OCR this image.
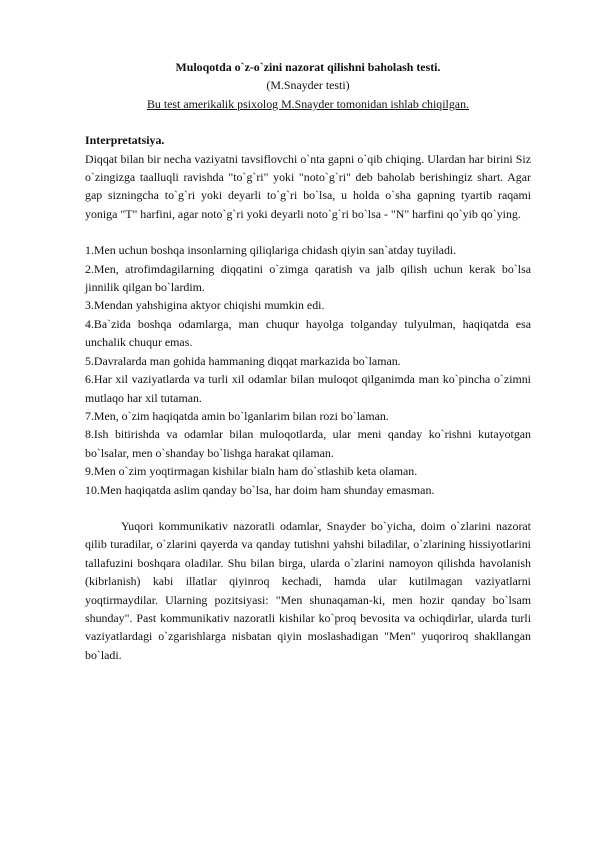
Muloqotda o`z-o`zini nazorat qilishni baholash testi.

(M.Snayder testi)

Bu test amerikalik psixolog M.Snayder tomonidan ishlab chiqilgan.

Interpretatsiya.

Diqqat bilan bir necha vaziyatni tavsiflovchi o`nta gapni o`qib chiqing. Ulardan har birini Siz o`zingizga taalluqli ravishda "to`g`ri" yoki "noto`g`ri" deb baholab berishingiz shart. Agar gap sizningcha to`g`ri yoki deyarli to`g`ri bo`lsa, u holda o`sha gapning tyartib raqami yoniga "T" harfini, agar noto`g`ri yoki deyarli noto`g`ri bo`lsa - "N" harfini qo`yib qo`ying.

1.Men uchun boshqa insonlarning qiliqlariga chidash qiyin san`atday tuyiladi.
2.Men, atrofimdagilarning diqqatini o`zimga qaratish va jalb qilish uchun kerak bo`lsa jinnilik qilgan bo`lardim.
3.Mendan yahshigina aktyor chiqishi mumkin edi.
4.Ba`zida boshqa odamlarga, man chuqur hayolga tolganday tulyulman, haqiqatda esa unchalik chuqur emas.
5.Davralarda man gohida hammaning diqqat markazida bo`laman.
6.Har xil vaziyatlarda va turli xil odamlar bilan muloqot qilganimda man ko`pincha o`zimni mutlaqo har xil tutaman.
7.Men, o`zim haqiqatda amin bo`lganlarim bilan rozi bo`laman.
8.Ish bitirishda va odamlar bilan muloqotlarda, ular meni qanday ko`rishni kutayotgan bo`lsalar, men o`shanday bo`lishga harakat qilaman.
9.Men o`zim yoqtirmagan kishilar bialn ham do`stlashib keta olaman.
10.Men haqiqatda aslim qanday bo`lsa, har doim ham shunday emasman.

Yuqori kommunikativ nazoratli odamlar, Snayder bo`yicha, doim o`zlarini nazorat qilib turadilar, o`zlarini qayerda va qanday tutishni yahshi biladilar, o`zlarining hissiyotlarini tallafuzini boshqara oladilar. Shu bilan birga, ularda o`zlarini namoyon qilishda havolanish (kibrlanish) kabi illatlar qiyinroq kechadi, hamda ular kutilmagan vaziyatlarni yoqtirmaydilar. Ularning pozitsiyasi: "Men shunaqaman-ki, men hozir qanday bo`lsam shunday". Past kommunikativ nazoratli kishilar ko`proq bevosita va ochiqdirlar, ularda turli vaziyatlardagi o`zgarishlarga nisbatan qiyin moslashadigan "Men" yuqoriroq shakllangan bo`ladi.
